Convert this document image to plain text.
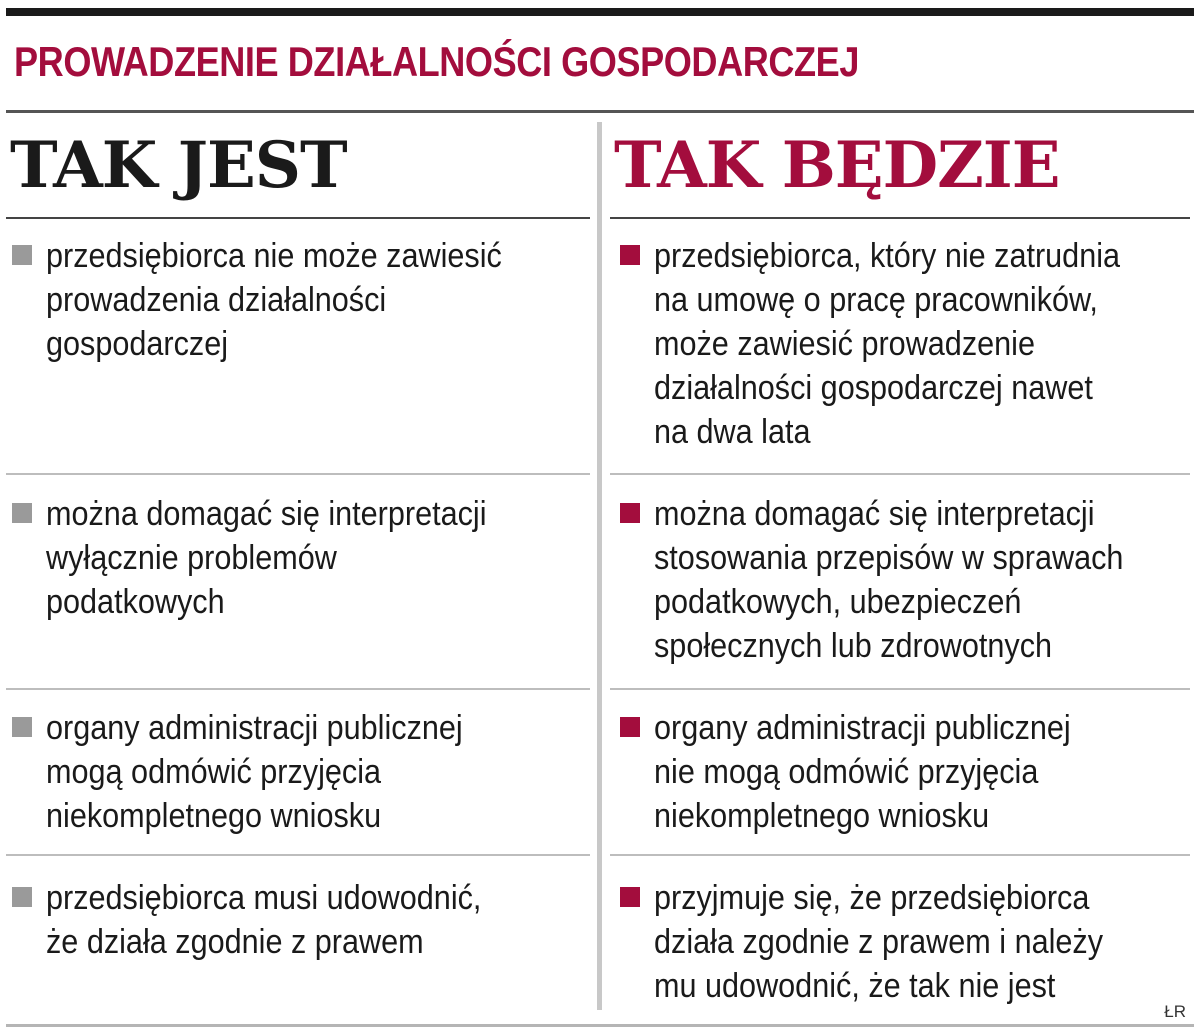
PROWADZENIE DZIAŁALNOŚCI GOSPODARCZEJ
TAK JEST	TAK BĘDZIE
przedsiębiorca nie może zawiesić
prowadzenia działalności
gospodarczej
przedsiębiorca, który nie zatrudnia
na umowę o pracę pracowników,
może zawiesić prowadzenie
działalności gospodarczej nawet
na dwa lata
można domagać się interpretacji
wyłącznie problemów
podatkowych
można domagać się interpretacji
stosowania przepisów w sprawach
podatkowych, ubezpieczeń
społecznych lub zdrowotnych
organy administracji publicznej
mogą odmówić przyjęcia
niekompletnego wniosku
organy administracji publicznej
nie mogą odmówić przyjęcia
niekompletnego wniosku
przedsiębiorca musi udowodnić,
że działa zgodnie z prawem
przyjmuje się, że przedsiębiorca
działa zgodnie z prawem i należy
mu udowodnić, że tak nie jest
ŁR
